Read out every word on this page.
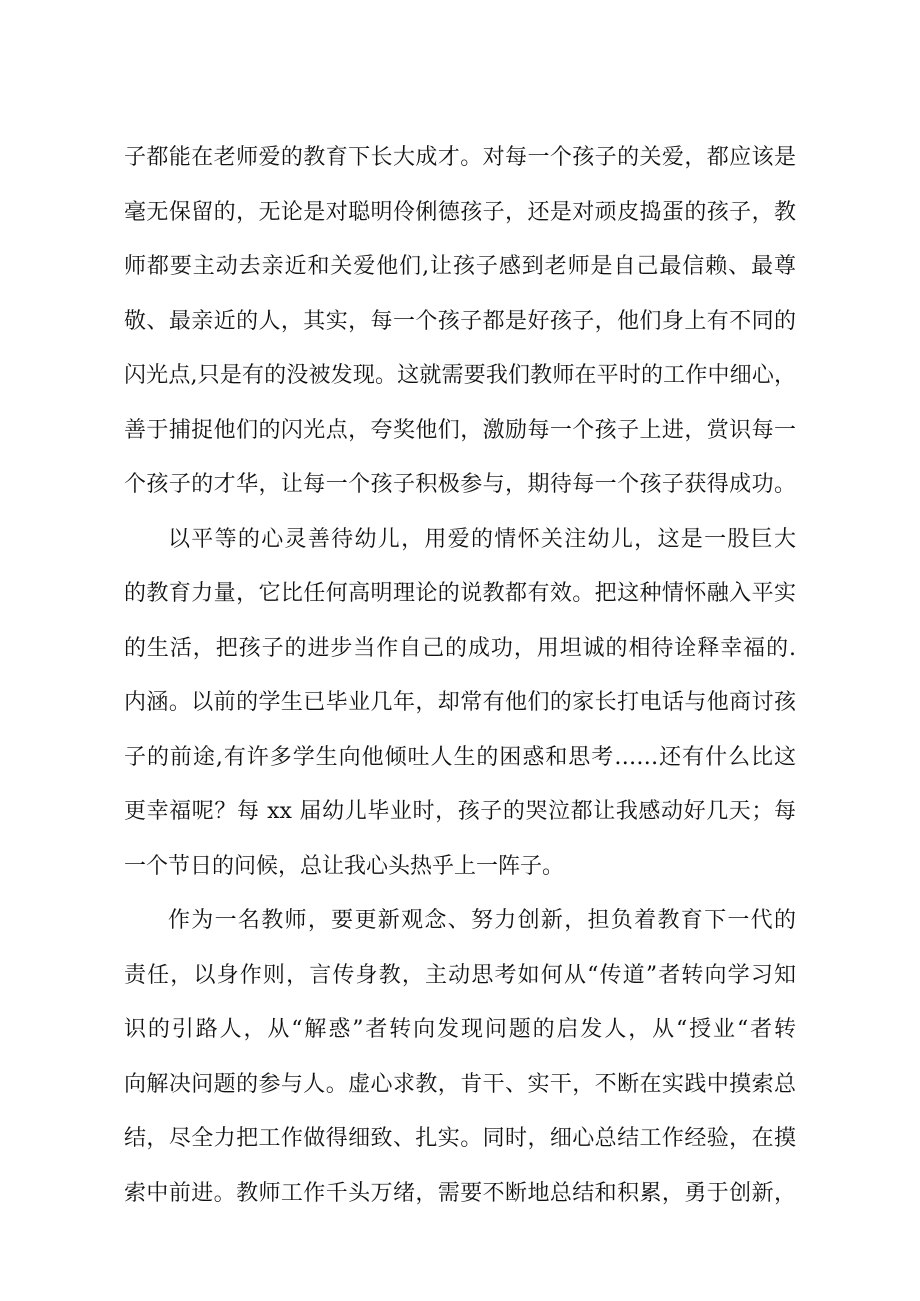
子都能在老师爱的教育下长大成才。对每一个孩子的关爱，都应该是
毫无保留的，无论是对聪明伶俐德孩子，还是对顽皮捣蛋的孩子，教
师都要主动去亲近和关爱他们,让孩子感到老师是自己最信赖、最尊
敬、最亲近的人，其实，每一个孩子都是好孩子，他们身上有不同的
闪光点,只是有的没被发现。这就需要我们教师在平时的工作中细心，
善于捕捉他们的闪光点，夸奖他们，激励每一个孩子上进，赏识每一
个孩子的才华，让每一个孩子积极参与，期待每一个孩子获得成功。
以平等的心灵善待幼儿，用爱的情怀关注幼儿，这是一股巨大
的教育力量，它比任何高明理论的说教都有效。把这种情怀融入平实
的生活，把孩子的进步当作自己的成功，用坦诚的相待诠释幸福的.
内涵。以前的学生已毕业几年，却常有他们的家长打电话与他商讨孩
子的前途,有许多学生向他倾吐人生的困惑和思考……还有什么比这
更幸福呢？每 xx 届幼儿毕业时，孩子的哭泣都让我感动好几天；每
一个节日的问候，总让我心头热乎上一阵子。
作为一名教师，要更新观念、努力创新，担负着教育下一代的
责任，以身作则，言传身教，主动思考如何从“传道”者转向学习知
识的引路人，从“解惑”者转向发现问题的启发人，从“授业“者转
向解决问题的参与人。虚心求教，肯干、实干，不断在实践中摸索总
结，尽全力把工作做得细致、扎实。同时，细心总结工作经验，在摸
索中前进。教师工作千头万绪，需要不断地总结和积累，勇于创新，
